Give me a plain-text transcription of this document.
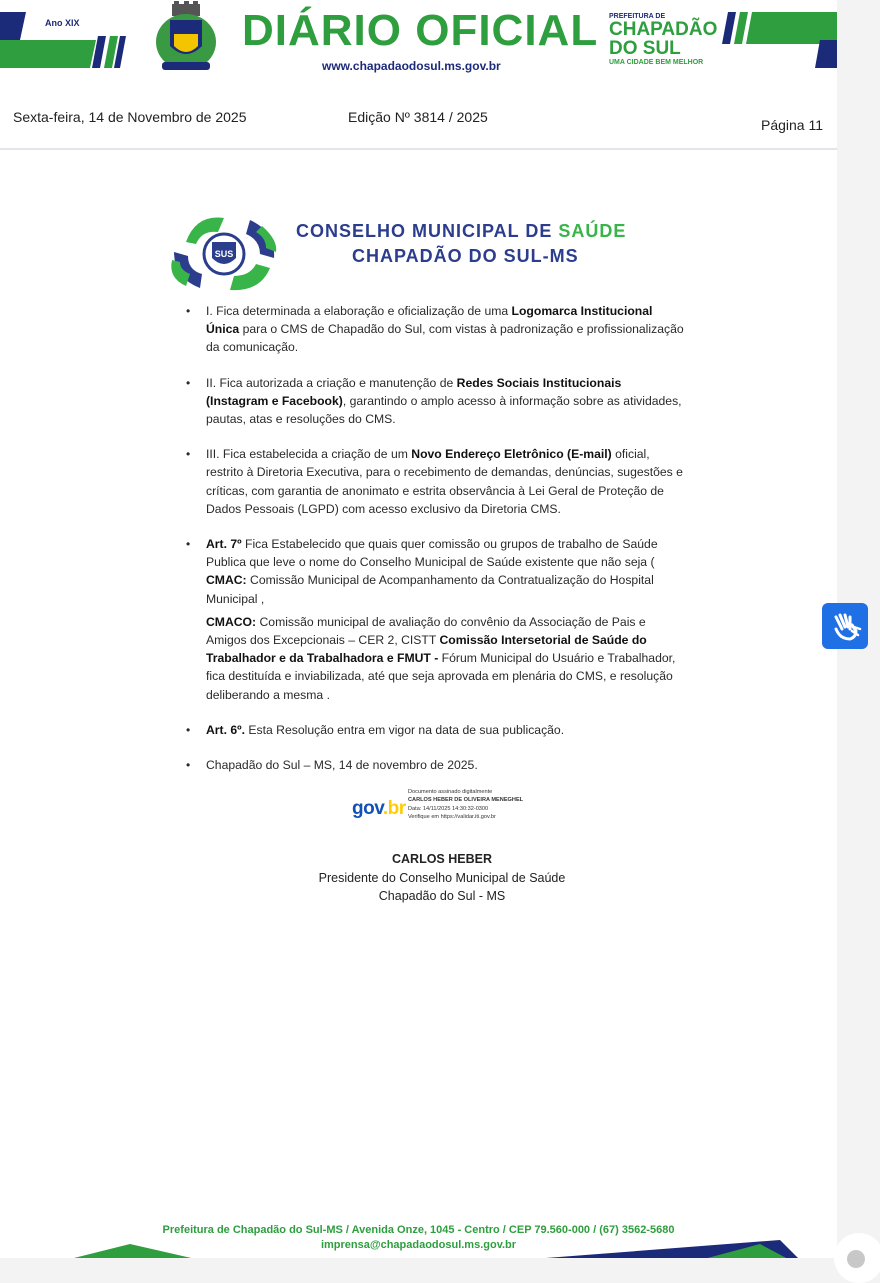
Ano XIX	DIÁRIO OFICIAL
www.chapadaodosul.ms.gov.br
PREFEITURA DE
CHAPADÃO DO SUL
UMA CIDADE BEM MELHOR
Sexta-feira, 14 de Novembro de 2025	Edição Nº 3814 / 2025	Página 11
SUS
CONSELHO MUNICIPAL DE SAÚDE
CHAPADÃO DO SUL-MS
• I. Fica determinada a elaboração e oficialização de uma Logomarca Institucional Única para o CMS de Chapadão do Sul, com vistas à padronização e profissionalização da comunicação.
• II. Fica autorizada a criação e manutenção de Redes Sociais Institucionais (Instagram e Facebook), garantindo o amplo acesso à informação sobre as atividades, pautas, atas e resoluções do CMS.
• III. Fica estabelecida a criação de um Novo Endereço Eletrônico (E-mail) oficial, restrito à Diretoria Executiva, para o recebimento de demandas, denúncias, sugestões e críticas, com garantia de anonimato e estrita observância à Lei Geral de Proteção de Dados Pessoais (LGPD) com acesso exclusivo da Diretoria CMS.
• Art. 7º Fica Estabelecido que quais quer comissão ou grupos de trabalho de Saúde Publica que leve o nome do Conselho Municipal de Saúde existente que não seja ( CMAC: Comissão Municipal de Acompanhamento da Contratualização do Hospital Municipal ,
CMACO: Comissão municipal de avaliação do convênio da Associação de Pais e Amigos dos Excepcionais – CER 2, CISTT Comissão Intersetorial de Saúde do Trabalhador e da Trabalhadora e FMUT - Fórum Municipal do Usuário e Trabalhador, fica destituída e inviabilizada, até que seja aprovada em plenária do CMS, e resolução deliberando a mesma .
• Art. 6º. Esta Resolução entra em vigor na data de sua publicação.
• Chapadão do Sul – MS, 14 de novembro de 2025.
gov.br
Documento assinado digitalmente
CARLOS HEBER DE OLIVEIRA MENEGHEL
Data: 14/11/2025 14:30:32-0300
Verifique em https://validar.iti.gov.br
CARLOS HEBER
Presidente do Conselho Municipal de Saúde
Chapadão do Sul - MS
Prefeitura de Chapadão do Sul-MS / Avenida Onze, 1045 - Centro / CEP 79.560-000 / (67) 3562-5680
imprensa@chapadaodosul.ms.gov.br
